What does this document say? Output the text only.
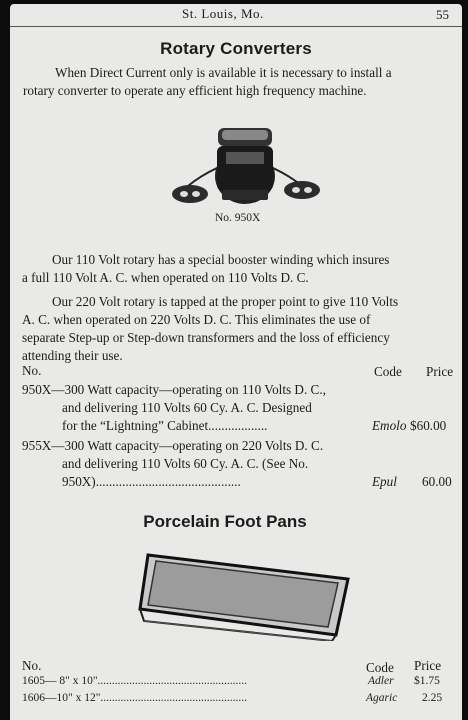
St. Louis, Mo.	55
Rotary Converters
When Direct Current only is available it is necessary to install a
rotary converter to operate any efficient high frequency machine.
No. 950X
Our 110 Volt rotary has a special booster winding which insures
a full 110 Volt A. C. when operated on 110 Volts D. C.
Our 220 Volt rotary is tapped at the proper point to give 110 Volts
A. C. when operated on 220 Volts D. C. This eliminates the use of
separate Step-up or Step-down transformers and the loss of efficiency
attending their use.
No.	Code Price
950X—300 Watt capacity—operating on 110 Volts D. C.,
and delivering 110 Volts 60 Cy. A. C. Designed
for the “Lightning” Cabinet..................	Emolo $60.00
955X—300 Watt capacity—operating on 220 Volts D. C.
and delivering 110 Volts 60 Cy. A. C. (See No.
950X)............................................	Epul 60.00
Porcelain Foot Pans
No.	Code Price
1605— 8" x 10"....................................................	Adler $1.75
1606—10" x 12"...................................................	Agaric 2.25
